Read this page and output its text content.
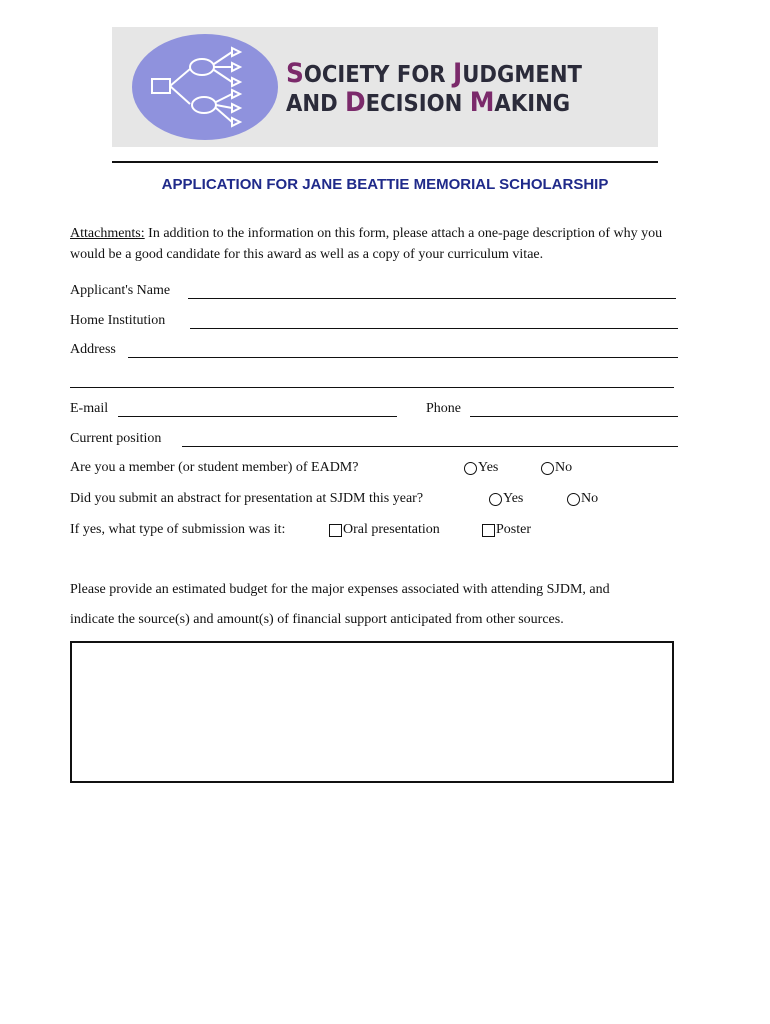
SOCIETY FOR JUDGMENT
AND DECISION MAKING
APPLICATION FOR JANE BEATTIE MEMORIAL SCHOLARSHIP
Attachments: In addition to the information on this form, please attach a one-page description of why you would be a good candidate for this award as well as a copy of your curriculum vitae.
Applicant's Name
Home Institution
Address
E-mail	Phone
Current position
Are you a member (or student member) of EADM?	Yes	No
Did you submit an abstract for presentation at SJDM this year?	Yes	No
If yes, what type of submission was it:	Oral presentation	Poster
Please provide an estimated budget for the major expenses associated with attending SJDM, and
indicate the source(s) and amount(s) of financial support anticipated from other sources.
